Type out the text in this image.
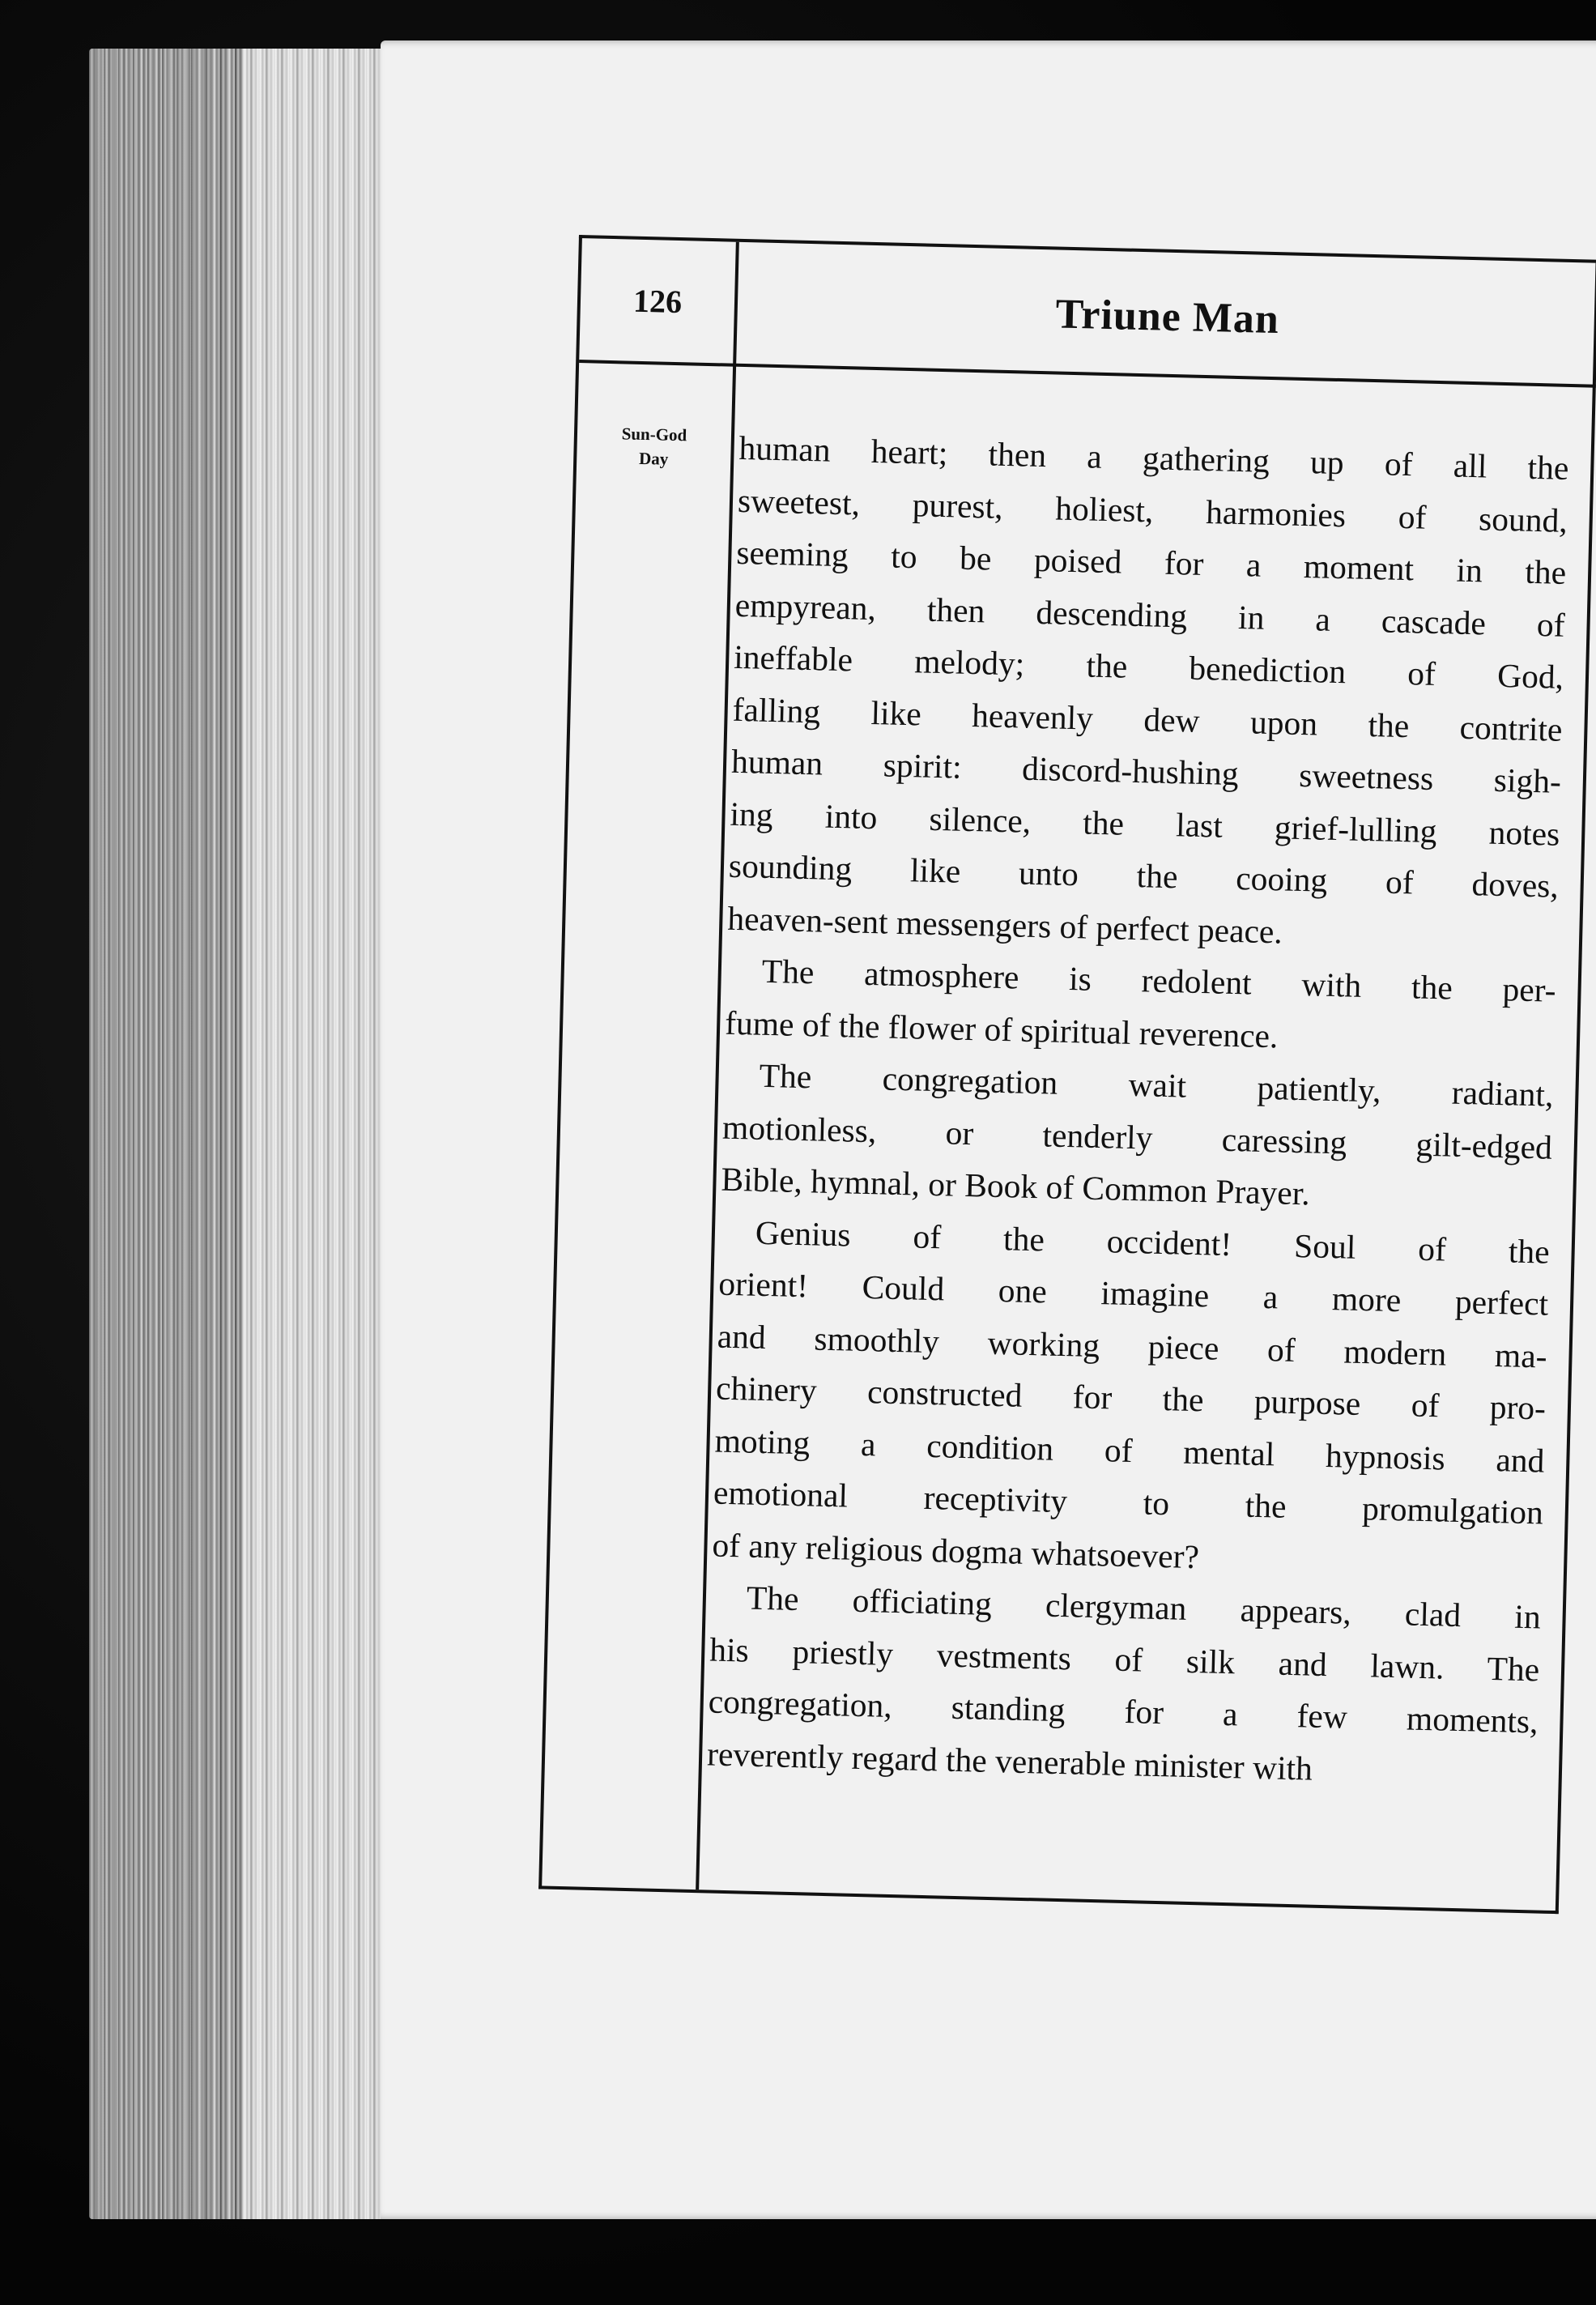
126	Triune Man
Sun-God
Day	human heart; then a gathering up of all the
sweetest, purest, holiest, harmonies of sound,
seeming to be poised for a moment in the
empyrean, then descending in a cascade of
ineffable melody; the benediction of God,
falling like heavenly dew upon the contrite
human spirit: discord-hushing sweetness sigh-
ing into silence, the last grief-lulling notes
sounding like unto the cooing of doves,
heaven-sent messengers of perfect peace.

The atmosphere is redolent with the per-
fume of the flower of spiritual reverence.

The congregation wait patiently, radiant,
motionless, or tenderly caressing gilt-edged
Bible, hymnal, or Book of Common Prayer.

Genius of the occident! Soul of the
orient! Could one imagine a more perfect
and smoothly working piece of modern ma-
chinery constructed for the purpose of pro-
moting a condition of mental hypnosis and
emotional receptivity to the promulgation
of any religious dogma whatsoever?

The officiating clergyman appears, clad in
his priestly vestments of silk and lawn. The
congregation, standing for a few moments,
reverently regard the venerable minister with
